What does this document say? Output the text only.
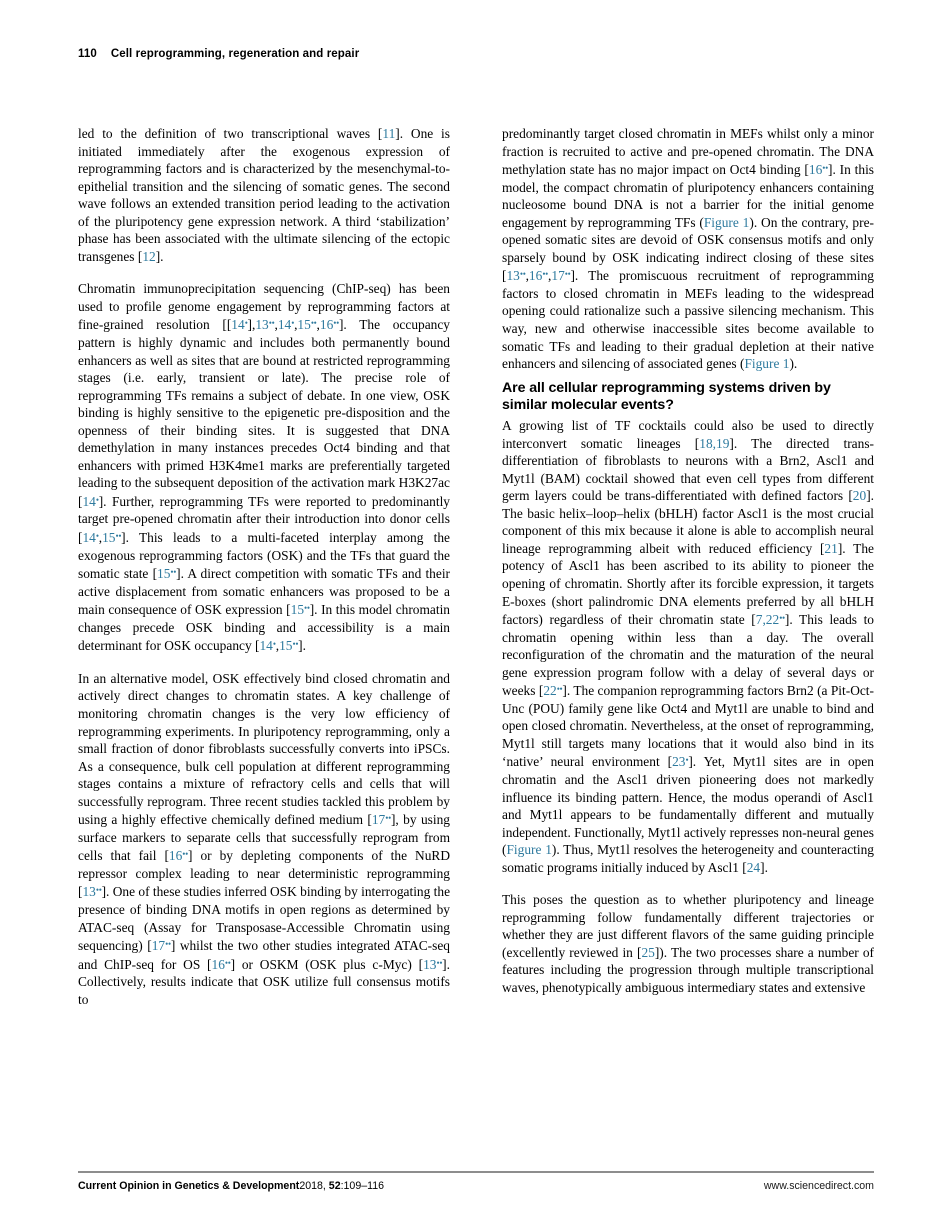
110 Cell reprogramming, regeneration and repair

led to the definition of two transcriptional waves [11]. One is initiated immediately after the exogenous expression of reprogramming factors and is characterized by the mesenchymal-to-epithelial transition and the silencing of somatic genes. The second wave follows an extended transition period leading to the activation of the pluripotency gene expression network. A third ‘stabilization’ phase has been associated with the ultimate silencing of the ectopic transgenes [12].

Chromatin immunoprecipitation sequencing (ChIP-seq) has been used to profile genome engagement by reprogramming factors at fine-grained resolution [[14•],13••,14•,15••,16••]. The occupancy pattern is highly dynamic and includes both permanently bound enhancers as well as sites that are bound at restricted reprogramming stages (i.e. early, transient or late). The precise role of reprogramming TFs remains a subject of debate. In one view, OSK binding is highly sensitive to the epigenetic pre-disposition and the openness of their binding sites. It is suggested that DNA demethylation in many instances precedes Oct4 binding and that enhancers with primed H3K4me1 marks are preferentially targeted leading to the subsequent deposition of the activation mark H3K27ac [14•]. Further, reprogramming TFs were reported to predominantly target pre-opened chromatin after their introduction into donor cells [14•,15••]. This leads to a multi-faceted interplay among the exogenous reprogramming factors (OSK) and the TFs that guard the somatic state [15••]. A direct competition with somatic TFs and their active displacement from somatic enhancers was proposed to be a main consequence of OSK expression [15••]. In this model chromatin changes precede OSK binding and accessibility is a main determinant for OSK occupancy [14•,15••].

In an alternative model, OSK effectively bind closed chromatin and actively direct changes to chromatin states. A key challenge of monitoring chromatin changes is the very low efficiency of reprogramming experiments. In pluripotency reprogramming, only a small fraction of donor fibroblasts successfully converts into iPSCs. As a consequence, bulk cell population at different reprogramming stages contains a mixture of refractory cells and cells that will successfully reprogram. Three recent studies tackled this problem by using a highly effective chemically defined medium [17••], by using surface markers to separate cells that successfully reprogram from cells that fail [16••] or by depleting components of the NuRD repressor complex leading to near deterministic reprogramming [13••]. One of these studies inferred OSK binding by interrogating the presence of binding DNA motifs in open regions as determined by ATAC-seq (Assay for Transposase-Accessible Chromatin using sequencing) [17••] whilst the two other studies integrated ATAC-seq and ChIP-seq for OS [16••] or OSKM (OSK plus c-Myc) [13••]. Collectively, results indicate that OSK utilize full consensus motifs to

predominantly target closed chromatin in MEFs whilst only a minor fraction is recruited to active and pre-opened chromatin. The DNA methylation state has no major impact on Oct4 binding [16••]. In this model, the compact chromatin of pluripotency enhancers containing nucleosome bound DNA is not a barrier for the initial genome engagement by reprogramming TFs (Figure 1). On the contrary, pre-opened somatic sites are devoid of OSK consensus motifs and only sparsely bound by OSK indicating indirect closing of these sites [13••,16••,17••]. The promiscuous recruitment of reprogramming factors to closed chromatin in MEFs leading to the widespread opening could rationalize such a passive silencing mechanism. This way, new and otherwise inaccessible sites become available to somatic TFs and leading to their gradual depletion at their native enhancers and silencing of associated genes (Figure 1).

Are all cellular reprogramming systems driven by similar molecular events?

A growing list of TF cocktails could also be used to directly interconvert somatic lineages [18,19]. The directed trans-differentiation of fibroblasts to neurons with a Brn2, Ascl1 and Myt1l (BAM) cocktail showed that even cell types from different germ layers could be trans-differentiated with defined factors [20]. The basic helix–loop–helix (bHLH) factor Ascl1 is the most crucial component of this mix because it alone is able to accomplish neural lineage reprogramming albeit with reduced efficiency [21]. The potency of Ascl1 has been ascribed to its ability to pioneer the opening of chromatin. Shortly after its forcible expression, it targets E-boxes (short palindromic DNA elements preferred by all bHLH factors) regardless of their chromatin state [7,22••]. This leads to chromatin opening within less than a day. The overall reconfiguration of the chromatin and the maturation of the neural gene expression program follow with a delay of several days or weeks [22••]. The companion reprogramming factors Brn2 (a Pit-Oct-Unc (POU) family gene like Oct4 and Myt1l are unable to bind and open closed chromatin. Nevertheless, at the onset of reprogramming, Myt1l still targets many locations that it would also bind in its ‘native’ neural environment [23•]. Yet, Myt1l sites are in open chromatin and the Ascl1 driven pioneering does not markedly influence its binding pattern. Hence, the modus operandi of Ascl1 and Myt1l appears to be fundamentally different and mutually independent. Functionally, Myt1l actively represses non-neural genes (Figure 1). Thus, Myt1l resolves the heterogeneity and counteracting somatic programs initially induced by Ascl1 [24].

This poses the question as to whether pluripotency and lineage reprogramming follow fundamentally different trajectories or whether they are just different flavors of the same guiding principle (excellently reviewed in [25]). The two processes share a number of features including the progression through multiple transcriptional waves, phenotypically ambiguous intermediary states and extensive

Current Opinion in Genetics & Development2018, 52:109–116	www.sciencedirect.com
